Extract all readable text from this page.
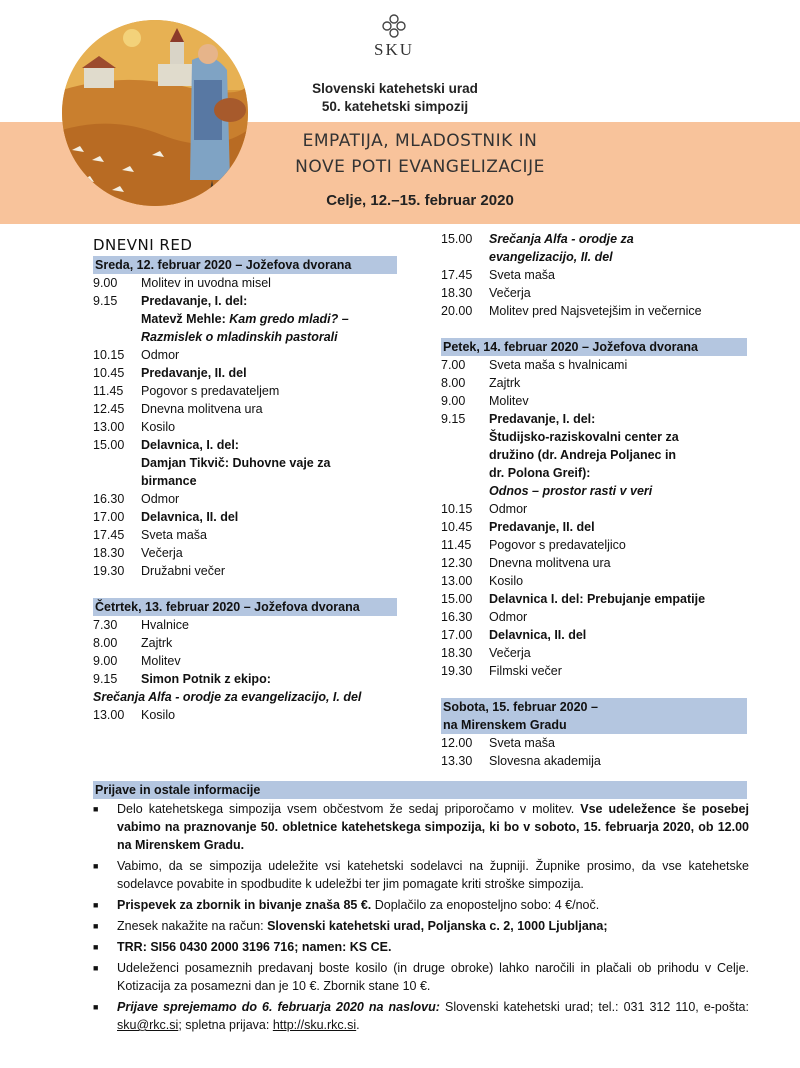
SKU
Slovenski katehetski urad
50. katehetski simpozij
EMPATIJA, MLADOSTNIK IN
NOVE POTI EVANGELIZACIJE
Celje, 12.–15. februar 2020
DNEVNI RED
Sreda, 12. februar 2020 – Jožefova dvorana
9.00	Molitev in uvodna misel
9.15	Predavanje, I. del:
Matevž Mehle: Kam gredo mladi? –
Razmislek o mladinskih pastorali
10.15	Odmor
10.45	Predavanje, II. del
11.45	Pogovor s predavateljem
12.45	Dnevna molitvena ura
13.00	Kosilo
15.00	Delavnica, I. del:
Damjan Tikvič: Duhovne vaje za
birmance
16.30	Odmor
17.00	Delavnica, II. del
17.45	Sveta maša
18.30	Večerja
19.30	Družabni večer
Četrtek, 13. februar 2020 – Jožefova dvorana
7.30	Hvalnice
8.00	Zajtrk
9.00	Molitev
9.15	Simon Potnik z ekipo:
Srečanja Alfa - orodje za evangelizacijo, I. del
13.00	Kosilo
15.00	Srečanja Alfa - orodje za
evangelizacijo, II. del
17.45	Sveta maša
18.30	Večerja
20.00	Molitev pred Najsvetejšim in večernice
Petek, 14. februar 2020 – Jožefova dvorana
7.00	Sveta maša s hvalnicami
8.00	Zajtrk
9.00	Molitev
9.15	Predavanje, I. del:
Študijsko-raziskovalni center za
družino (dr. Andreja Poljanec in
dr. Polona Greif):
Odnos – prostor rasti v veri
10.15	Odmor
10.45	Predavanje, II. del
11.45	Pogovor s predavateljico
12.30	Dnevna molitvena ura
13.00	Kosilo
15.00	Delavnica I. del: Prebujanje empatije
16.30	Odmor
17.00	Delavnica, II. del
18.30	Večerja
19.30	Filmski večer
Sobota, 15. februar 2020 –
na Mirenskem Gradu
12.00	Sveta maša
13.30	Slovesna akademija
Prijave in ostale informacije
■	Delo katehetskega simpozija vsem občestvom že sedaj priporočamo v molitev. Vse udeležence še posebej vabimo na praznovanje 50. obletnice katehetskega simpozija, ki bo v soboto, 15. februarja 2020, ob 12.00 na Mirenskem Gradu.
■	Vabimo, da se simpozija udeležite vsi katehetski sodelavci na župniji. Župnike prosimo, da vse katehetske sodelavce povabite in spodbudite k udeležbi ter jim pomagate kriti stroške simpozija.
■	Prispevek za zbornik in bivanje znaša 85 €. Doplačilo za enoposteljno sobo: 4 €/noč.
■	Znesek nakažite na račun: Slovenski katehetski urad, Poljanska c. 2, 1000 Ljubljana;
■	TRR: SI56 0430 2000 3196 716; namen: KS CE.
■	Udeleženci posameznih predavanj boste kosilo (in druge obroke) lahko naročili in plačali ob prihodu v Celje. Kotizacija za posamezni dan je 10 €. Zbornik stane 10 €.
■	Prijave sprejemamo do 6. februarja 2020 na naslovu: Slovenski katehetski urad; tel.: 031 312 110, e-pošta: sku@rkc.si; spletna prijava: http://sku.rkc.si.
